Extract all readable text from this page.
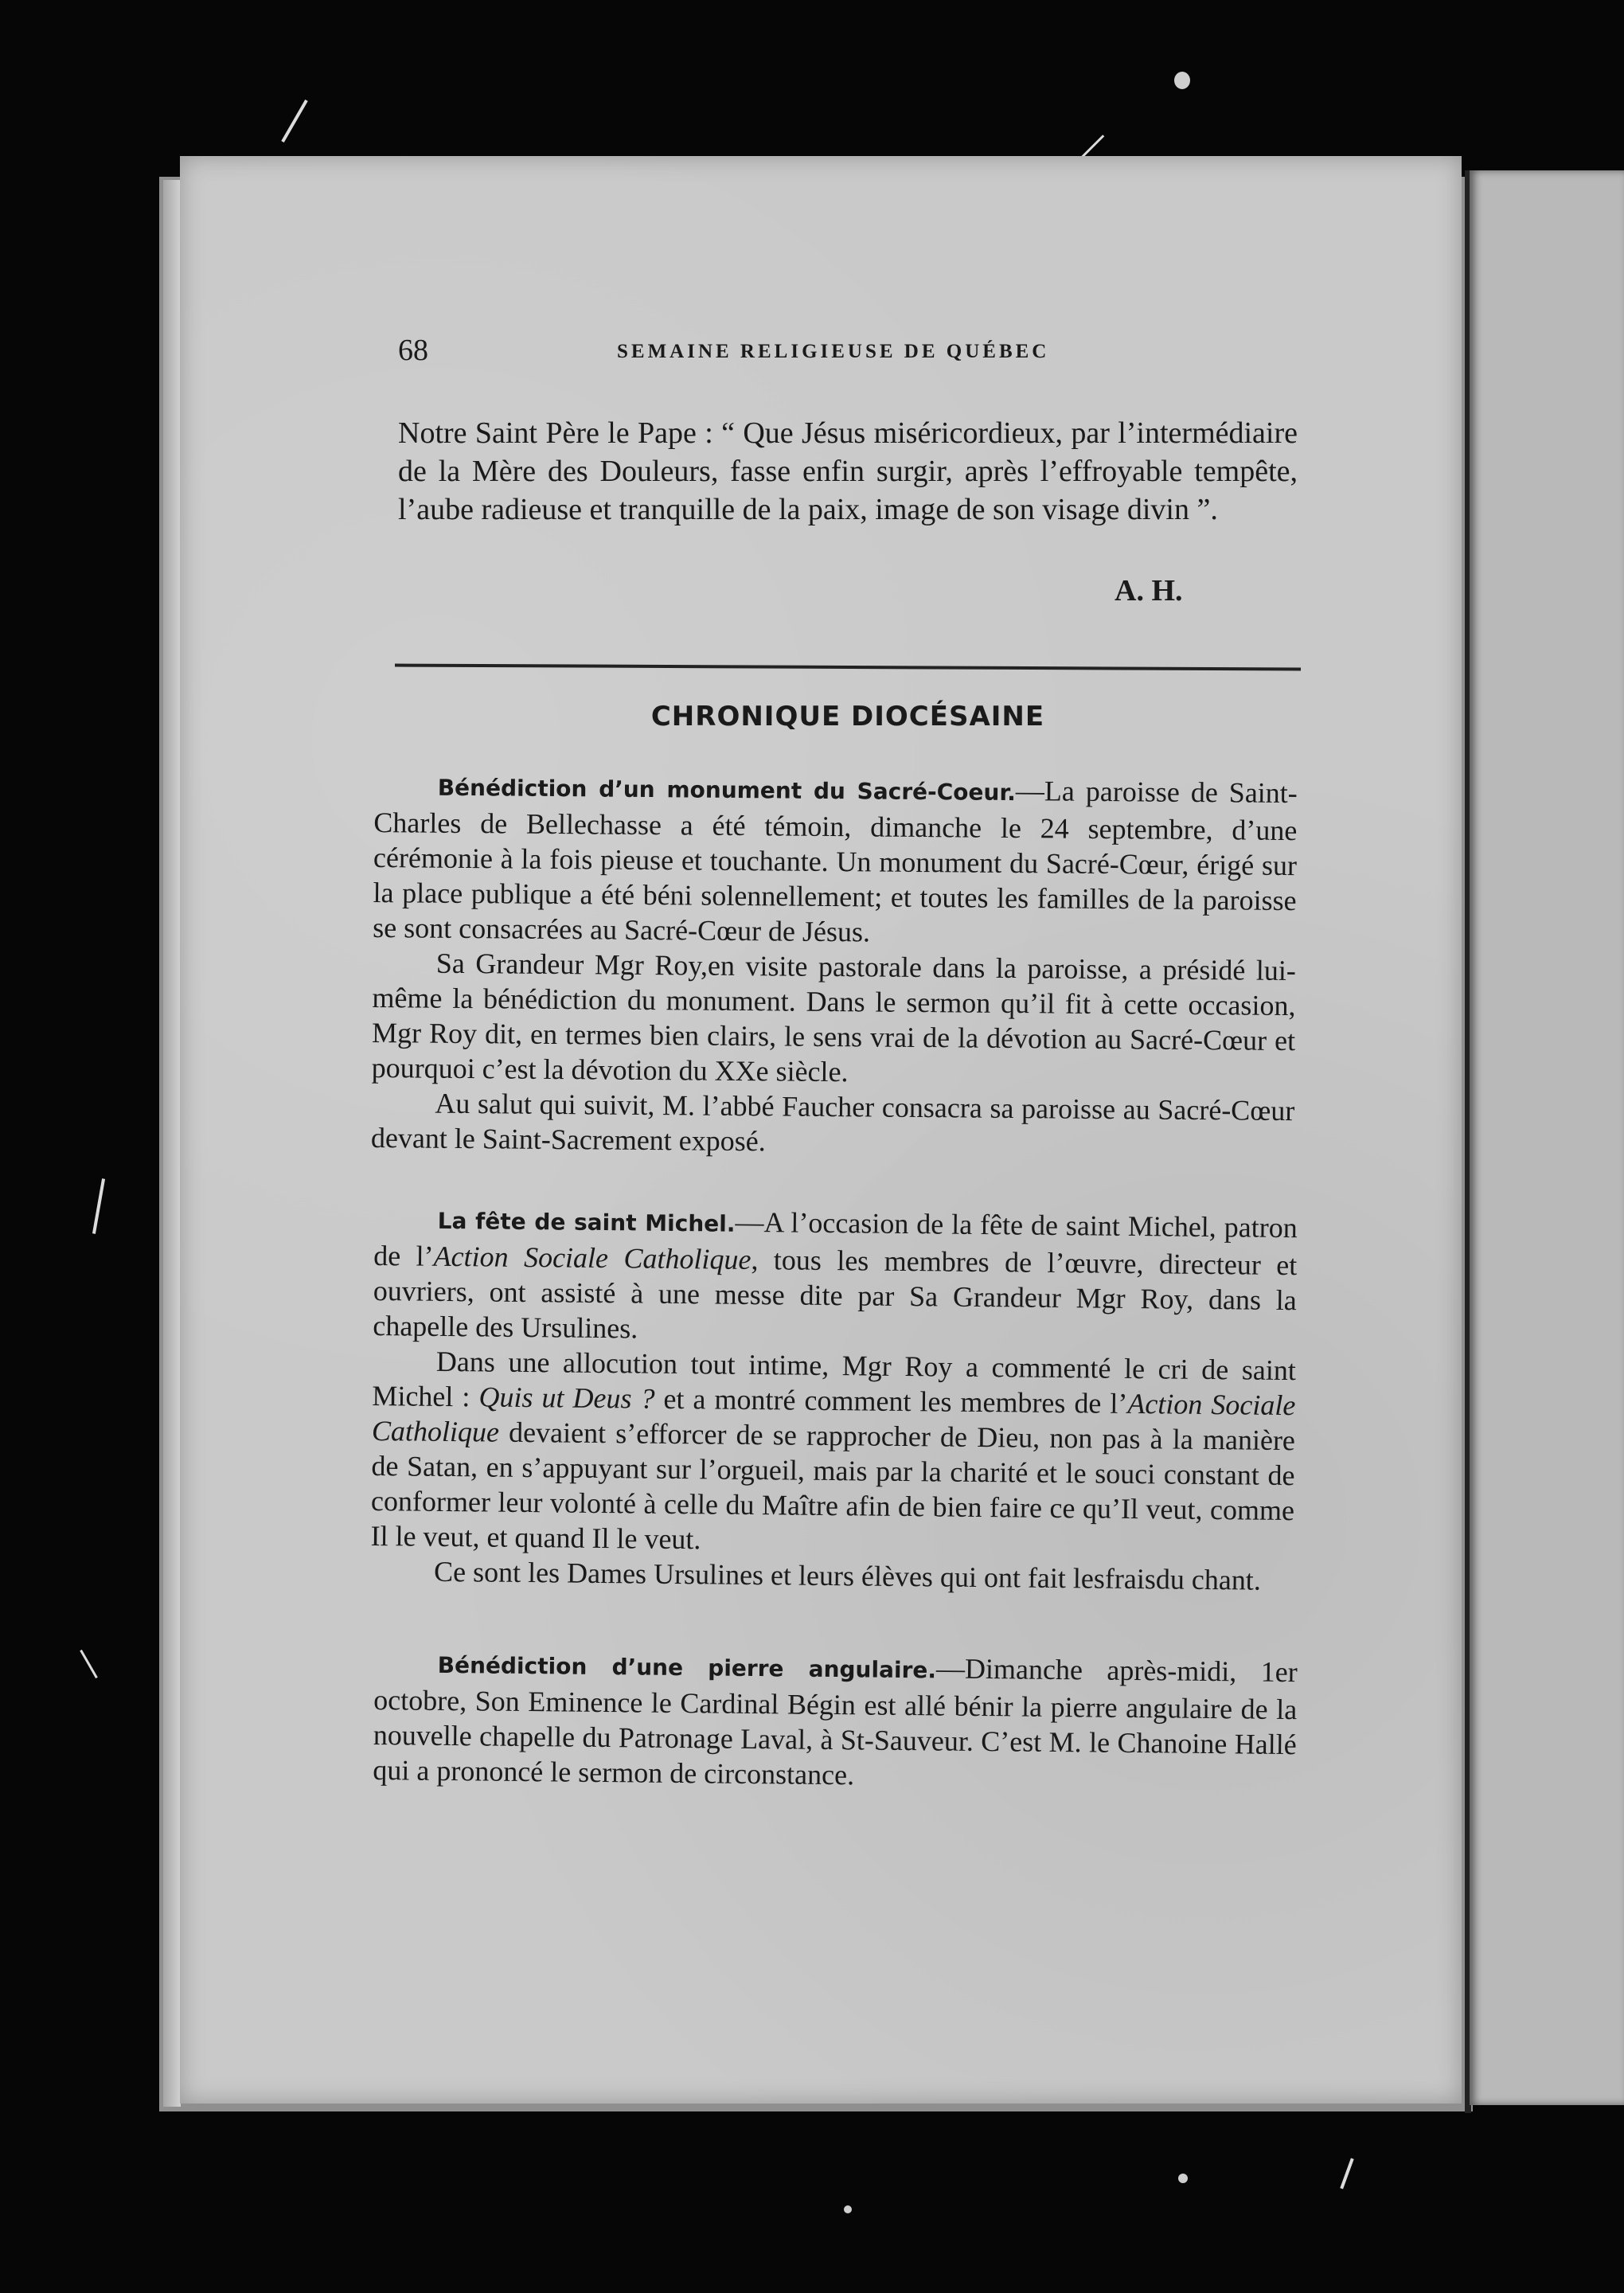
68	SEMAINE RELIGIEUSE DE QUÉBEC

Notre Saint Père le Pape : “ Que Jésus miséricordieux, par l’intermédiaire de la Mère des Douleurs, fasse enfin surgir, après l’effroyable tempête, l’aube radieuse et tranquille de la paix, image de son visage divin ”.

A. H.
CHRONIQUE DIOCÉSAINE

Bénédiction d’un monument du Sacré-Coeur.—La paroisse de Saint-Charles de Bellechasse a été témoin, dimanche le 24 septembre, d’une cérémonie à la fois pieuse et touchante. Un monument du Sacré-Cœur, érigé sur la place publique a été béni solennellement; et toutes les familles de la paroisse se sont consacrées au Sacré-Cœur de Jésus.

Sa Grandeur Mgr Roy,en visite pastorale dans la paroisse, a présidé lui-même la bénédiction du monument. Dans le sermon qu’il fit à cette occasion, Mgr Roy dit, en termes bien clairs, le sens vrai de la dévotion au Sacré-Cœur et pourquoi c’est la dévotion du XXe siècle.

Au salut qui suivit, M. l’abbé Faucher consacra sa paroisse au Sacré-Cœur devant le Saint-Sacrement exposé.

La fête de saint Michel.—A l’occasion de la fête de saint Michel, patron de l’Action Sociale Catholique, tous les membres de l’œuvre, directeur et ouvriers, ont assisté à une messe dite par Sa Grandeur Mgr Roy, dans la chapelle des Ursulines.

Dans une allocution tout intime, Mgr Roy a commenté le cri de saint Michel : Quis ut Deus ? et a montré comment les membres de l’Action Sociale Catholique devaient s’efforcer de se rapprocher de Dieu, non pas à la manière de Satan, en s’appuyant sur l’orgueil, mais par la charité et le souci constant de conformer leur volonté à celle du Maître afin de bien faire ce qu’Il veut, comme Il le veut, et quand Il le veut.

Ce sont les Dames Ursulines et leurs élèves qui ont fait lesfraisdu chant.

Bénédiction d’une pierre angulaire.—Dimanche après-midi, 1er octobre, Son Eminence le Cardinal Bégin est allé bénir la pierre angulaire de la nouvelle chapelle du Patronage Laval, à St-Sauveur. C’est M. le Chanoine Hallé qui a prononcé le sermon de circonstance.
